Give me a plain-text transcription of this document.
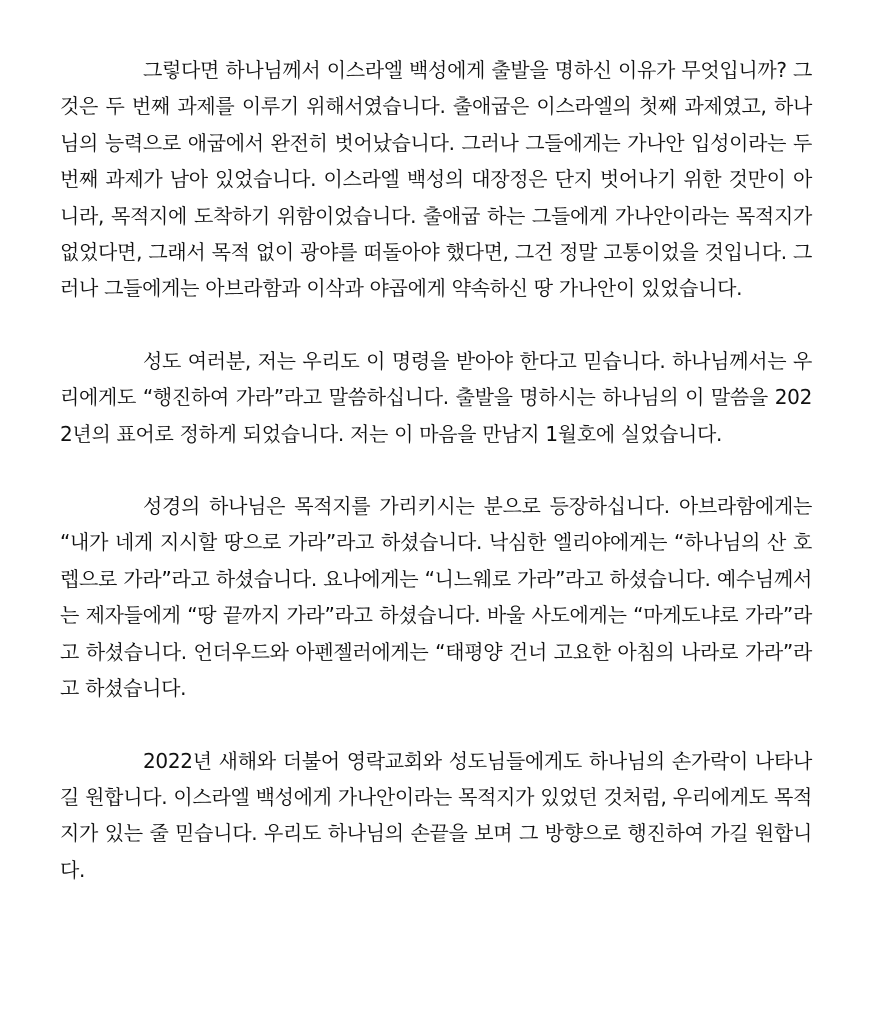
그렇다면 하나님께서 이스라엘 백성에게 출발을 명하신 이유가 무엇입니까? 그것은 두 번째 과제를 이루기 위해서였습니다. 출애굽은 이스라엘의 첫째 과제였고, 하나님의 능력으로 애굽에서 완전히 벗어났습니다. 그러나 그들에게는 가나안 입성이라는 두 번째 과제가 남아 있었습니다. 이스라엘 백성의 대장정은 단지 벗어나기 위한 것만이 아니라, 목적지에 도착하기 위함이었습니다. 출애굽 하는 그들에게 가나안이라는 목적지가 없었다면, 그래서 목적 없이 광야를 떠돌아야 했다면, 그건 정말 고통이었을 것입니다. 그러나 그들에게는 아브라함과 이삭과 야곱에게 약속하신 땅 가나안이 있었습니다.

성도 여러분, 저는 우리도 이 명령을 받아야 한다고 믿습니다. 하나님께서는 우리에게도 “행진하여 가라”라고 말씀하십니다. 출발을 명하시는 하나님의 이 말씀을 2022년의 표어로 정하게 되었습니다. 저는 이 마음을 만남지 1월호에 실었습니다.

성경의 하나님은 목적지를 가리키시는 분으로 등장하십니다. 아브라함에게는 “내가 네게 지시할 땅으로 가라”라고 하셨습니다. 낙심한 엘리야에게는 “하나님의 산 호렙으로 가라”라고 하셨습니다. 요나에게는 “니느웨로 가라”라고 하셨습니다. 예수님께서는 제자들에게 “땅 끝까지 가라”라고 하셨습니다. 바울 사도에게는 “마게도냐로 가라”라고 하셨습니다. 언더우드와 아펜젤러에게는 “태평양 건너 고요한 아침의 나라로 가라”라고 하셨습니다.

2022년 새해와 더불어 영락교회와 성도님들에게도 하나님의 손가락이 나타나길 원합니다. 이스라엘 백성에게 가나안이라는 목적지가 있었던 것처럼, 우리에게도 목적지가 있는 줄 믿습니다. 우리도 하나님의 손끝을 보며 그 방향으로 행진하여 가길 원합니다.
